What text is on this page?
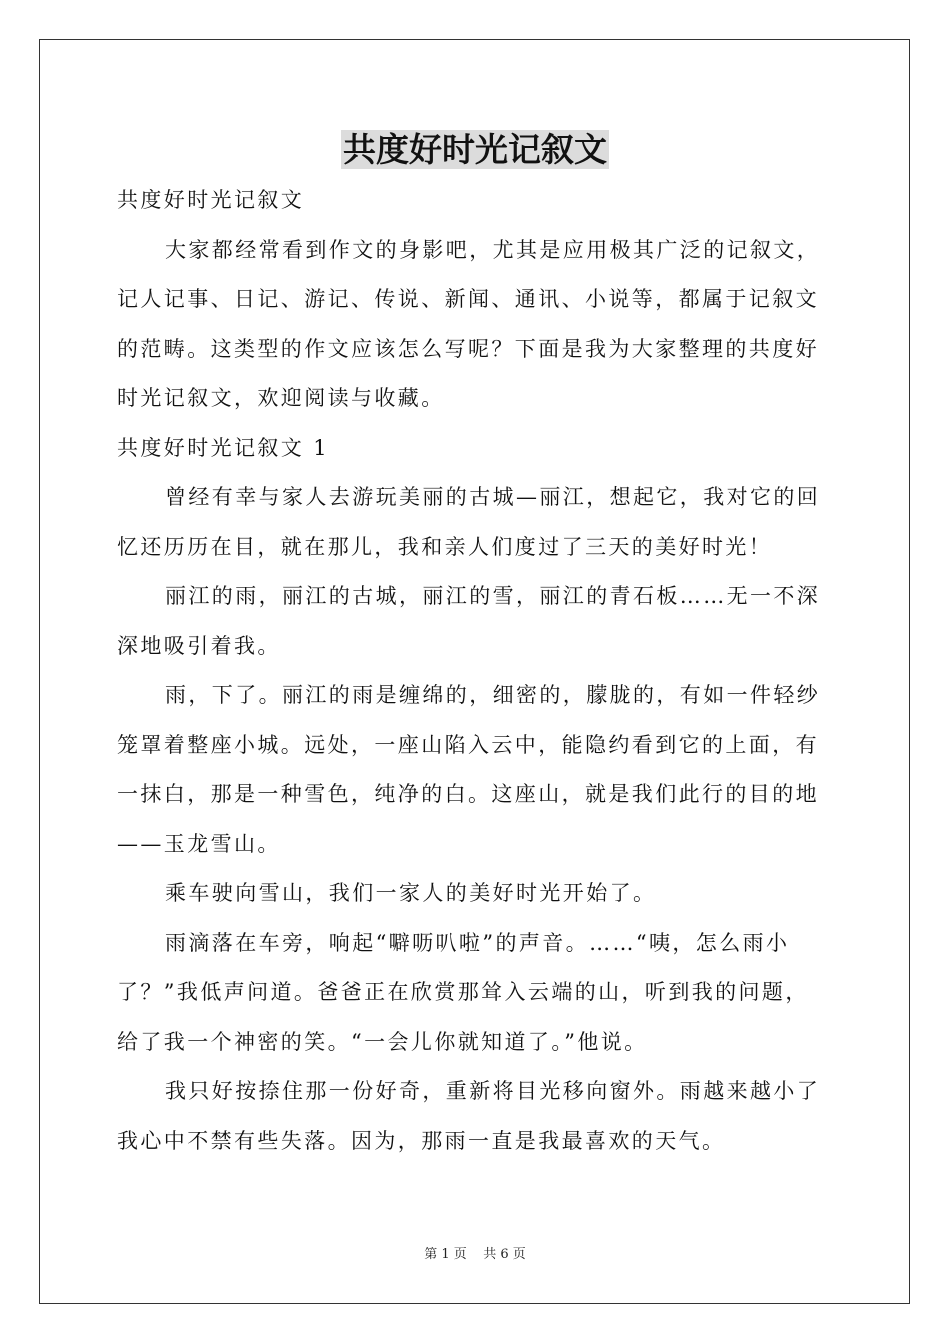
共度好时光记叙文
共度好时光记叙文
大家都经常看到作文的身影吧，尤其是应用极其广泛的记叙文，
记人记事、日记、游记、传说、新闻、通讯、小说等，都属于记叙文
的范畴。这类型的作文应该怎么写呢？下面是我为大家整理的共度好
时光记叙文，欢迎阅读与收藏。
共度好时光记叙文 1
曾经有幸与家人去游玩美丽的古城—丽江，想起它，我对它的回
忆还历历在目，就在那儿，我和亲人们度过了三天的美好时光！
丽江的雨，丽江的古城，丽江的雪，丽江的青石板……无一不深
深地吸引着我。
雨，下了。丽江的雨是缠绵的，细密的，朦胧的，有如一件轻纱
笼罩着整座小城。远处，一座山陷入云中，能隐约看到它的上面，有
一抹白，那是一种雪色，纯净的白。这座山，就是我们此行的目的地
——玉龙雪山。
乘车驶向雪山，我们一家人的美好时光开始了。
雨滴落在车旁，响起“噼呖叭啦”的声音。……“咦，怎么雨小
了？”我低声问道。爸爸正在欣赏那耸入云端的山，听到我的问题，
给了我一个神密的笑。“一会儿你就知道了。”他说。
我只好按捺住那一份好奇，重新将目光移向窗外。雨越来越小了
我心中不禁有些失落。因为，那雨一直是我最喜欢的天气。
第 1 页    共 6 页
